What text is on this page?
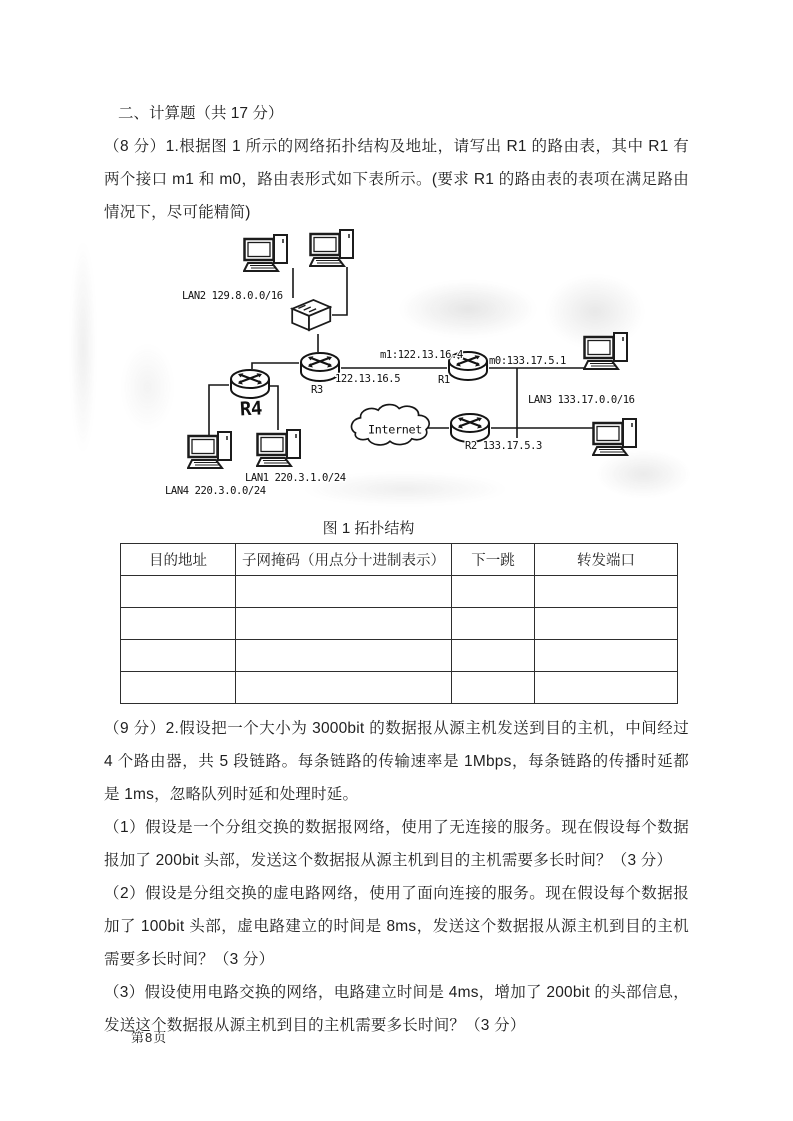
二、计算题（共 17 分）

（8 分）1.根据图 1 所示的网络拓扑结构及地址，请写出 R1 的路由表，其中 R1 有两个接口 m1 和 m0，路由表形式如下表所示。(要求 R1 的路由表的表项在满足路由情况下，尽可能精简)

Internet
LAN2 129.8.0.0/16
m1:122.13.16.4 m0:133.17.5.1
122.13.16.5
R3
R1
LAN3 133.17.0.0/16
R2 133.17.5.3
R4
LAN1 220.3.1.0/24
LAN4 220.3.0.0/24

图 1 拓扑结构

目的地址	子网掩码（用点分十进制表示）	下一跳	转发端口

（9 分）2.假设把一个大小为 3000bit 的数据报从源主机发送到目的主机，中间经过 4 个路由器，共 5 段链路。每条链路的传输速率是 1Mbps，每条链路的传播时延都是 1ms，忽略队列时延和处理时延。

（1）假设是一个分组交换的数据报网络，使用了无连接的服务。现在假设每个数据报加了 200bit 头部，发送这个数据报从源主机到目的主机需要多长时间？（3 分）

（2）假设是分组交换的虚电路网络，使用了面向连接的服务。现在假设每个数据报加了 100bit 头部，虚电路建立的时间是 8ms，发送这个数据报从源主机到目的主机需要多长时间？（3 分）

（3）假设使用电路交换的网络，电路建立时间是 4ms，增加了 200bit 的头部信息，发送这个数据报从源主机到目的主机需要多长时间？（3 分）

第8页
